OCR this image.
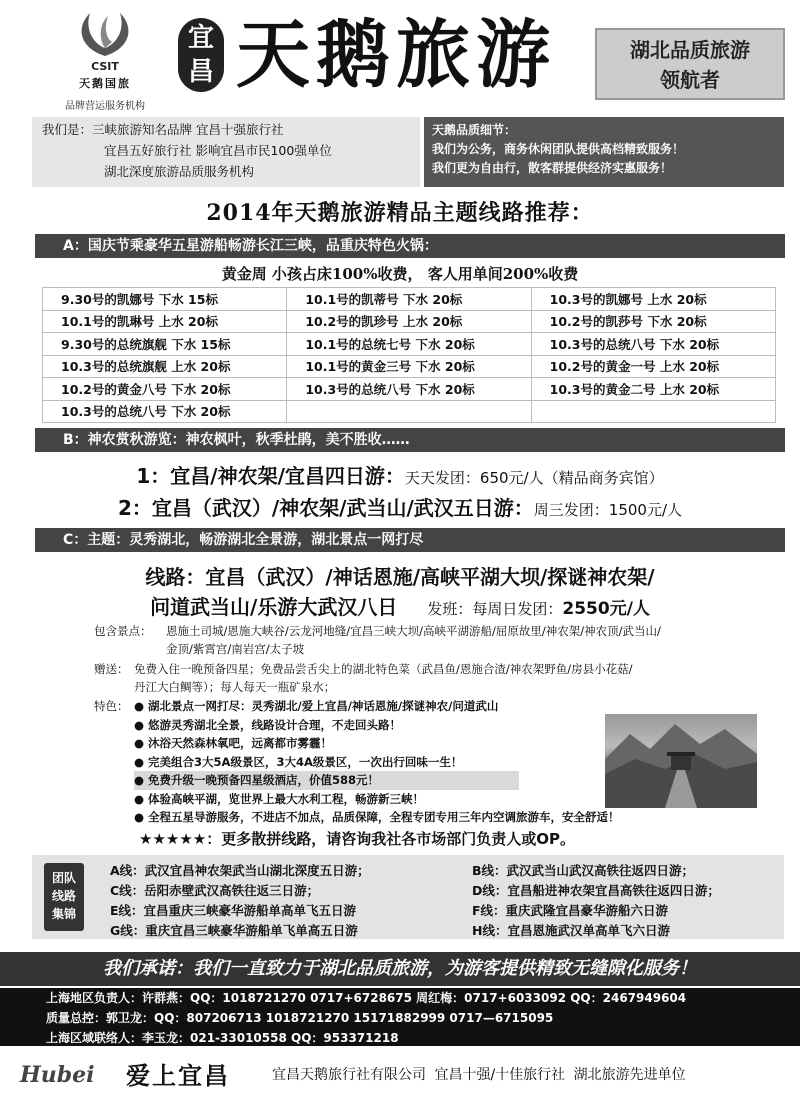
CSIT
天鹅国旅
品牌营运服务机构
宜
昌 天鹅旅游	湖北品质旅游
领航者
我们是：三峡旅游知名品牌 宜昌十强旅行社
宜昌五好旅行社 影响宜昌市民100强单位
湖北深度旅游品质服务机构
天鹅品质细节：
我们为公务，商务休闲团队提供高档精致服务！
我们更为自由行，散客群提供经济实惠服务！
2014年天鹅旅游精品主题线路推荐：
A：国庆节乘豪华五星游船畅游长江三峡，品重庆特色火锅：
黄金周 小孩占床100%收费， 客人用单间200%收费
9.30号的凯娜号 下水 15标	10.1号的凯蒂号 下水 20标	10.3号的凯娜号 上水 20标
10.1号的凯琳号 上水 20标	10.2号的凯珍号 上水 20标	10.2号的凯莎号 下水 20标
9.30号的总统旗舰 下水 15标	10.1号的总统七号 下水 20标	10.3号的总统八号 下水 20标
10.3号的总统旗舰 上水 20标	10.1号的黄金三号 下水 20标	10.2号的黄金一号 上水 20标
10.2号的黄金八号 下水 20标	10.3号的总统八号 下水 20标	10.3号的黄金二号 上水 20标
10.3号的总统八号 下水 20标		
B：神农赏秋游览：神农枫叶，秋季杜鹃，美不胜收……
1：宜昌/神农架/宜昌四日游：天天发团：650元/人（精品商务宾馆）
2：宜昌（武汉）/神农架/武当山/武汉五日游：周三发团：1500元/人
C：主题：灵秀湖北，畅游湖北全景游，湖北景点一网打尽
线路：宜昌（武汉）/神话恩施/高峡平湖大坝/探谜神农架/
问道武当山/乐游大武汉八日 发班：每周日发团：2550元/人
包含景点：	恩施土司城/恩施大峡谷/云龙河地缝/宜昌三峡大坝/高峡平湖游船/屈原故里/神农架/神农顶/武当山/
金顶/紫霄宫/南岩宫/太子坡
赠送： 免费入住一晚预备四星；免费品尝舌尖上的湖北特色菜（武昌鱼/恩施合渣/神农架野鱼/房县小花菇/
丹江大白鲷等）；每人每天一瓶矿泉水；
特色： ● 湖北景点一网打尽：灵秀湖北/爱上宜昌/神话恩施/探谜神农/问道武山
● 悠游灵秀湖北全景，线路设计合理，不走回头路！
● 沐浴天然森林氧吧，远离都市雾霾！
● 完美组合3大5A级景区，3大4A级景区，一次出行回味一生！
● 免费升级一晚预备四星级酒店，价值588元！
● 体验高峡平湖，览世界上最大水利工程，畅游新三峡！
● 全程五星导游服务，不进店不加点，品质保障，全程专团专用三年内空调旅游车，安全舒适！
★★★★★：更多散拼线路，请咨询我社各市场部门负责人或OP。
团队
线路
集锦
A线：武汉宜昌神农架武当山湖北深度五日游；
C线：岳阳赤壁武汉高铁往返三日游；
E线：宜昌重庆三峡豪华游船单高单飞五日游
G线：重庆宜昌三峡豪华游船单飞单高五日游
B线：武汉武当山武汉高铁往返四日游；
D线：宜昌船进神农架宜昌高铁往返四日游；
F线：重庆武隆宜昌豪华游船六日游
H线：宜昌恩施武汉单高单飞六日游
我们承诺：我们一直致力于湖北品质旅游，为游客提供精致无缝隙化服务！
上海地区负责人：许群燕：QQ：1018721270 0717+6728675 周红梅：0717+6033092 QQ：2467949604
质量总控：郭卫龙：QQ：807206713 1018721270 15171882999 0717—6715095
上海区域联络人：李玉龙：021-33010558 QQ：953371218
Hubei	爱上宜昌	宜昌天鹅旅行社有限公司 宜昌十强/十佳旅行社 湖北旅游先进单位
